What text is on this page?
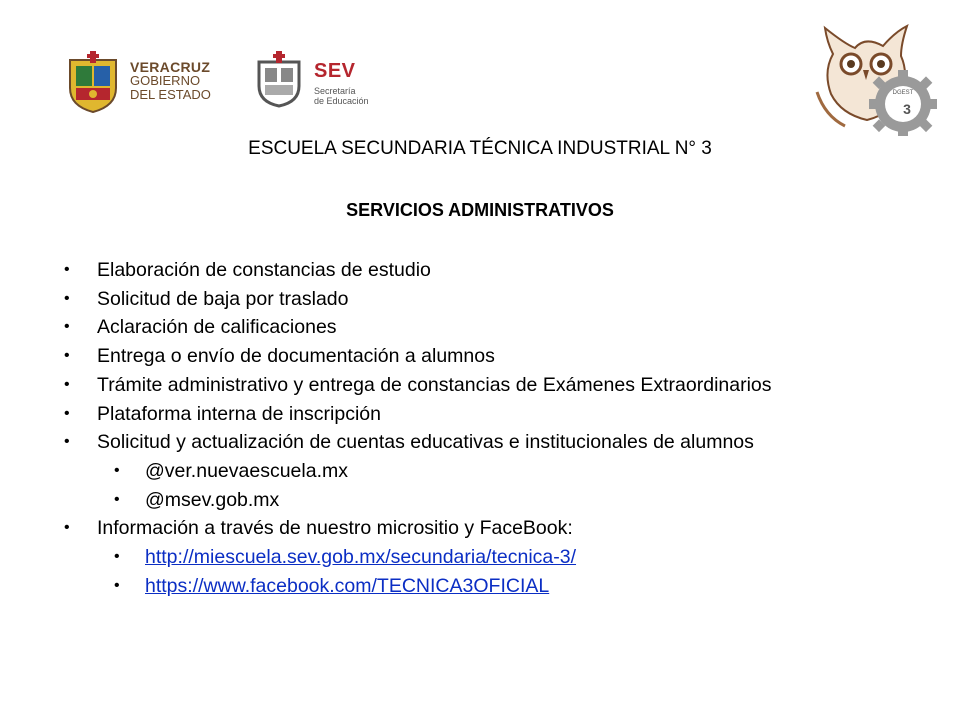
VERACRUZ
GOBIERNO
DEL ESTADO
SEV
Secretaría
de Educación
DGEST
3
ESCUELA SECUNDARIA TÉCNICA INDUSTRIAL N° 3
SERVICIOS ADMINISTRATIVOS
• Elaboración de constancias de estudio
• Solicitud de baja por traslado
• Aclaración de calificaciones
• Entrega o envío de documentación a alumnos
• Trámite administrativo y entrega de constancias de Exámenes Extraordinarios
• Plataforma interna de inscripción
• Solicitud y actualización de cuentas educativas e institucionales de alumnos
• @ver.nuevaescuela.mx
• @msev.gob.mx
• Información a través de nuestro micrositio y FaceBook:
• http://miescuela.sev.gob.mx/secundaria/tecnica-3/
• https://www.facebook.com/TECNICA3OFICIAL
